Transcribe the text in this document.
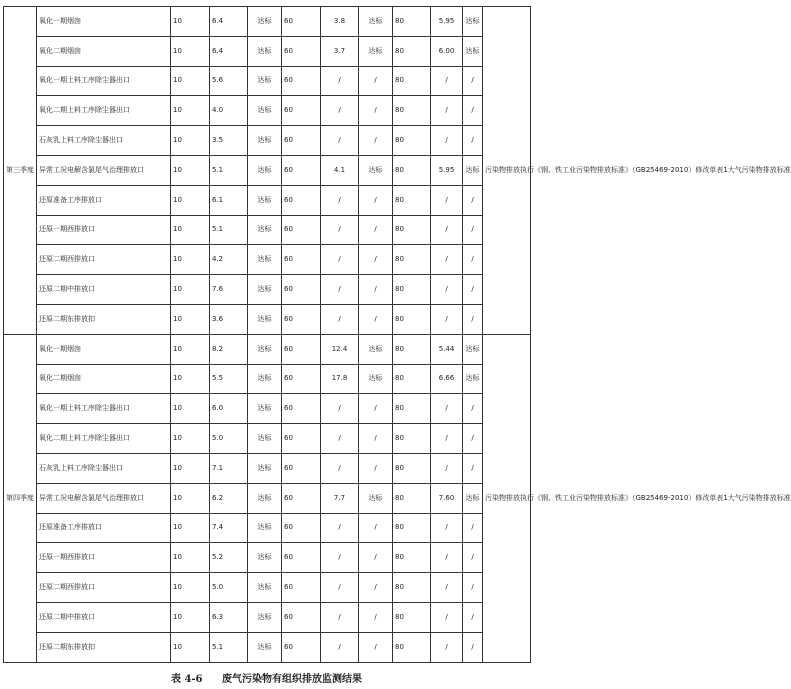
第三季度	氧化一期烟囱	10	6.4	达标	60	3.8	达标	80	5.95	达标	污染物排放执行《钢、铁工业污染物排放标准》（GB25469-2010）修改单表1大气污染物排放标准
	氧化二期烟囱	10	6.4	达标	60	3.7	达标	80	6.00	达标	
	氧化一期上料工序除尘器出口	10	5.6	达标	60	/	/	80	/	/	
	氧化二期上料工序除尘器出口	10	4.0	达标	60	/	/	80	/	/	
	石灰乳上料工序除尘器出口	10	3.5	达标	60	/	/	80	/	/	
	异常工况电解含氯尾气治理排放口	10	5.1	达标	60	4.1	达标	80	5.95	达标	
	还原准备工序排放口	10	6.1	达标	60	/	/	80	/	/	
	还原一期西排放口	10	5.1	达标	60	/	/	80	/	/	
	还原二期西排放口	10	4.2	达标	60	/	/	80	/	/	
	还原二期中排放口	10	7.6	达标	60	/	/	80	/	/	
	还原二期东排放扣	10	3.6	达标	60	/	/	80	/	/	
第四季度	氧化一期烟囱	10	8.2	达标	60	12.4	达标	80	5.44	达标	污染物排放执行《钢、铁工业污染物排放标准》（GB25469-2010）修改单表1大气污染物排放标准
	氧化二期烟囱	10	5.5	达标	60	17.8	达标	80	6.66	达标	
	氧化一期上料工序除尘器出口	10	6.0	达标	60	/	/	80	/	/	
	氧化二期上料工序除尘器出口	10	5.0	达标	60	/	/	80	/	/	
	石灰乳上料工序除尘器出口	10	7.1	达标	60	/	/	80	/	/	
	异常工况电解含氯尾气治理排放口	10	6.2	达标	60	7.7	达标	80	7.60	达标	
	还原准备工序排放口	10	7.4	达标	60	/	/	80	/	/	
	还原一期西排放口	10	5.2	达标	60	/	/	80	/	/	
	还原二期西排放口	10	5.0	达标	60	/	/	80	/	/	
	还原二期中排放口	10	6.3	达标	60	/	/	80	/	/	
	还原二期东排放扣	10	5.1	达标	60	/	/	80	/	/	
表 4-6 废气污染物有组织排放监测结果
